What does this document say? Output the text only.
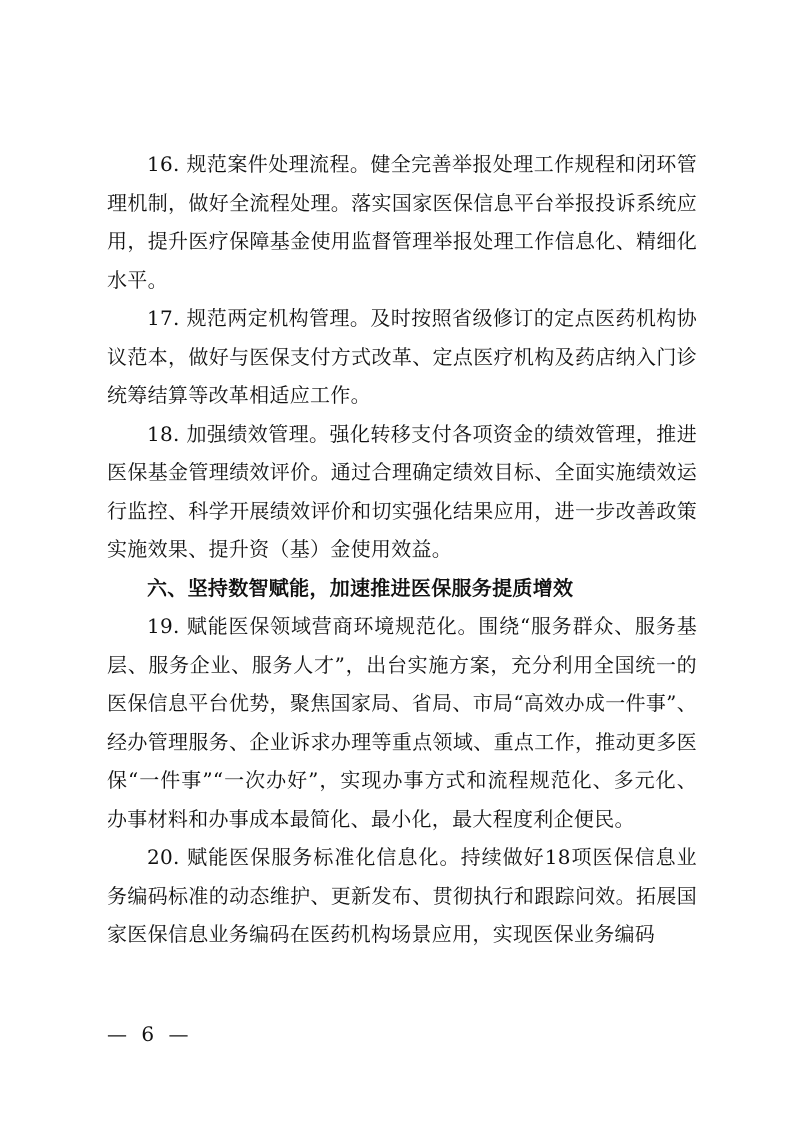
16. 规范案件处理流程。健全完善举报处理工作规程和闭环管理机制，做好全流程处理。落实国家医保信息平台举报投诉系统应用，提升医疗保障基金使用监督管理举报处理工作信息化、精细化水平。

17. 规范两定机构管理。及时按照省级修订的定点医药机构协议范本，做好与医保支付方式改革、定点医疗机构及药店纳入门诊统筹结算等改革相适应工作。

18. 加强绩效管理。强化转移支付各项资金的绩效管理，推进医保基金管理绩效评价。通过合理确定绩效目标、全面实施绩效运行监控、科学开展绩效评价和切实强化结果应用，进一步改善政策实施效果、提升资（基）金使用效益。

六、坚持数智赋能，加速推进医保服务提质增效

19. 赋能医保领域营商环境规范化。围绕“服务群众、服务基层、服务企业、服务人才”，出台实施方案，充分利用全国统一的医保信息平台优势，聚焦国家局、省局、市局“高效办成一件事”、经办管理服务、企业诉求办理等重点领域、重点工作，推动更多医保“一件事”“一次办好”，实现办事方式和流程规范化、多元化、办事材料和办事成本最简化、最小化，最大程度利企便民。

20. 赋能医保服务标准化信息化。持续做好18项医保信息业务编码标准的动态维护、更新发布、贯彻执行和跟踪问效。拓展国家医保信息业务编码在医药机构场景应用，实现医保业务编码

— 6 —
